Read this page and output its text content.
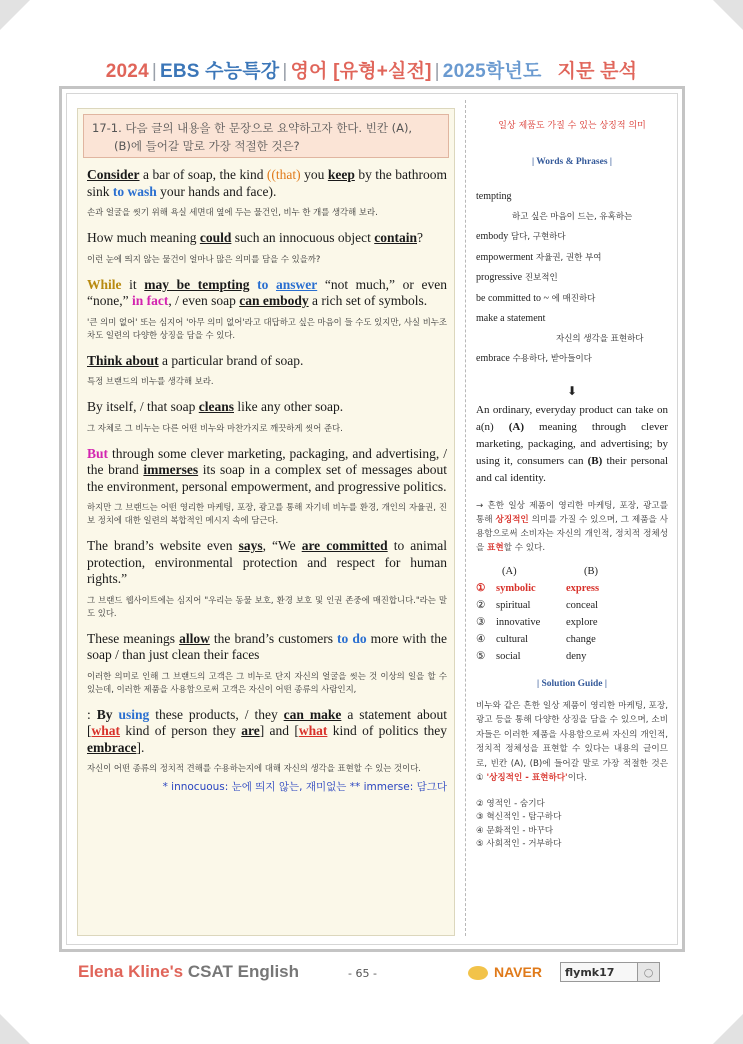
2024 | EBS 수능특강 | 영어 [유형+실전] | 2025학년도 지문 분석
17-1. 다음 글의 내용을 한 문장으로 요약하고자 한다. 빈칸 (A),
(B)에 들어갈 말로 가장 적절한 것은?

Consider a bar of soap, the kind ((that) you keep by the bathroom sink to wash your hands and face).

손과 얼굴을 씻기 위해 욕실 세면대 옆에 두는 물건인, 비누 한 개를 생각해 보라.

How much meaning could such an innocuous object contain?

이런 눈에 띄지 않는 물건이 얼마나 많은 의미를 담을 수 있을까?

While it may be tempting to answer “not much,” or even “none,” in fact, / even soap can embody a rich set of symbols.

'큰 의미 없어' 또는 심지어 '아무 의미 없어'라고 대답하고 싶은 마음이 들 수도 있지만, 사실 비누조차도 일련의 다양한 상징을 담을 수 있다.

Think about a particular brand of soap.

특정 브랜드의 비누를 생각해 보라.

By itself, / that soap cleans like any other soap.

그 자체로 그 비누는 다른 어떤 비누와 마찬가지로 깨끗하게 씻어 준다.

But through some clever marketing, packaging, and advertising, / the brand immerses its soap in a complex set of messages about the environment, personal empowerment, and progressive politics.

하지만 그 브랜드는 어떤 영리한 마케팅, 포장, 광고를 통해 자기네 비누를 환경, 개인의 자율권, 진보 정치에 대한 일련의 복합적인 메시지 속에 담근다.

The brand’s website even says, “We are committed to animal protection, environmental protection and respect for human rights.”

그 브랜드 웹사이트에는 심지어 "우리는 동물 보호, 환경 보호 및 인권 존중에 매진합니다."라는 말도 있다.

These meanings allow the brand’s customers to do more with the soap / than just clean their faces

이러한 의미로 인해 그 브랜드의 고객은 그 비누로 단지 자신의 얼굴을 씻는 것 이상의 일을 할 수 있는데, 이러한 제품을 사용함으로써 고객은 자신이 어떤 종류의 사람인지,

: By using these products, / they can make a statement about [what kind of person they are] and [what kind of politics they embrace].

자신이 어떤 종류의 정치적 견해를 수용하는지에 대해 자신의 생각을 표현할 수 있는 것이다.

* innocuous: 눈에 띄지 않는, 재미없는 ** immerse: 담그다
일상 제품도 가질 수 있는 상징적 의미
| Words & Phrases |
tempting
하고 싶은 마음이 드는, 유혹하는
embody 담다, 구현하다
empowerment 자율권, 권한 부여
progressive 진보적인
be committed to ~ 에 매진하다
make a statement
자신의 생각을 표현하다
embrace 수용하다, 받아들이다
⬇
An ordinary, everyday product can take on a(n) (A) meaning through clever marketing, packaging, and advertising; by using it, consumers can (B) their personal and cal identity.
→ 흔한 일상 제품이 영리한 마케팅, 포장, 광고를 통해 상징적인 의미를 가질 수 있으며, 그 제품을 사용함으로써 소비자는 자신의 개인적, 정치적 정체성을 표현할 수 있다.
(A)	(B)
①	symbolic	express
②	spiritual	conceal
③	innovative	explore
④	cultural	change
⑤	social	deny
| Solution Guide |
비누와 같은 흔한 일상 제품이 영리한 마케팅, 포장, 광고 등을 통해 다양한 상징을 담을 수 있으며, 소비자들은 이러한 제품을 사용함으로써 자신의 개인적, 정치적 정체성을 표현할 수 있다는 내용의 글이므로, 빈칸 (A), (B)에 들어갈 말로 가장 적절한 것은 ① '상징적인 - 표현하다'이다.
② 영적인 - 숨기다
③ 혁신적인 - 탐구하다
④ 문화적인 - 바꾸다
⑤ 사회적인 - 거부하다
Elena Kline's CSAT English	- 65 -	NAVER	flymk17	○
